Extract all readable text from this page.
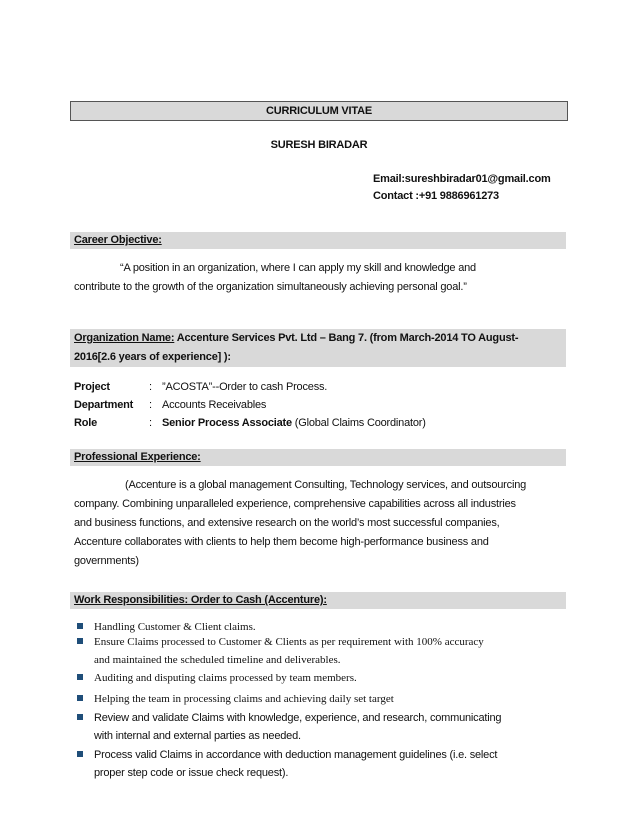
CURRICULUM VITAE
SURESH BIRADAR
Email:sureshbiradar01@gmail.com
Contact :+91 9886961273
Career Objective:
“A position in an organization, where I can apply my skill and knowledge and
contribute to the growth of the organization simultaneously achieving personal goal.”
Organization Name: Accenture Services Pvt. Ltd – Bang 7. (from March-2014 TO August-
2016[2.6 years of experience] ):
Project	: ”ACOSTA”--Order to cash Process.
Department : Accounts Receivables
Role	: Senior Process Associate (Global Claims Coordinator)
Professional Experience:
(Accenture is a global management Consulting, Technology services, and outsourcing
company. Combining unparalleled experience, comprehensive capabilities across all industries
and business functions, and extensive research on the world’s most successful companies,
Accenture collaborates with clients to help them become high-performance business and
governments)
Work Responsibilities: Order to Cash (Accenture):
Handling Customer & Client claims.
Ensure Claims processed to Customer & Clients as per requirement with 100% accuracy
and maintained the scheduled timeline and deliverables.
Auditing and disputing claims processed by team members.
Helping the team in processing claims and achieving daily set target
Review and validate Claims with knowledge, experience, and research, communicating
with internal and external parties as needed.
Process valid Claims in accordance with deduction management guidelines (i.e. select
proper step code or issue check request).
